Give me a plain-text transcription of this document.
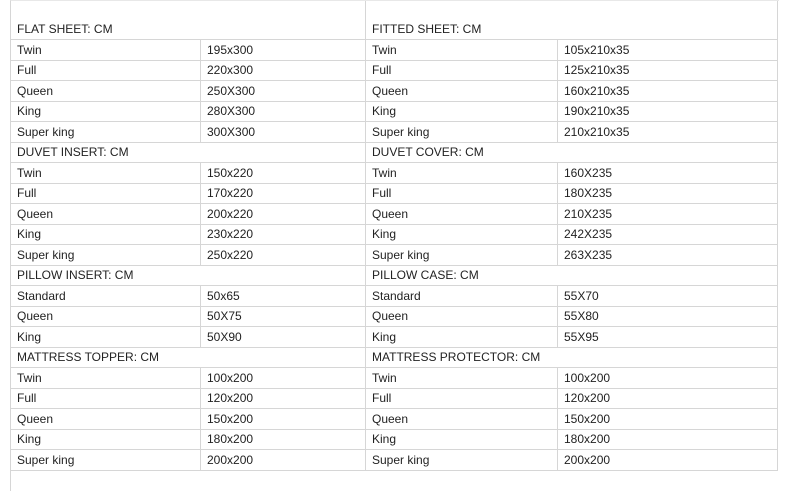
FLAT SHEET: CM	FITTED SHEET: CM
Twin	195x300	Twin	105x210x35
Full	220x300	Full	125x210x35
Queen	250X300	Queen	160x210x35
King	280X300	King	190x210x35
Super king	300X300	Super king	210x210x35
DUVET INSERT: CM	DUVET COVER: CM
Twin	150x220	Twin	160X235
Full	170x220	Full	180X235
Queen	200x220	Queen	210X235
King	230x220	King	242X235
Super king	250x220	Super king	263X235
PILLOW INSERT: CM	PILLOW CASE: CM
Standard	50x65	Standard	55X70
Queen	50X75	Queen	55X80
King	50X90	King	55X95
MATTRESS TOPPER: CM	MATTRESS PROTECTOR: CM
Twin	100x200	Twin	100x200
Full	120x200	Full	120x200
Queen	150x200	Queen	150x200
King	180x200	King	180x200
Super king	200x200	Super king	200x200
